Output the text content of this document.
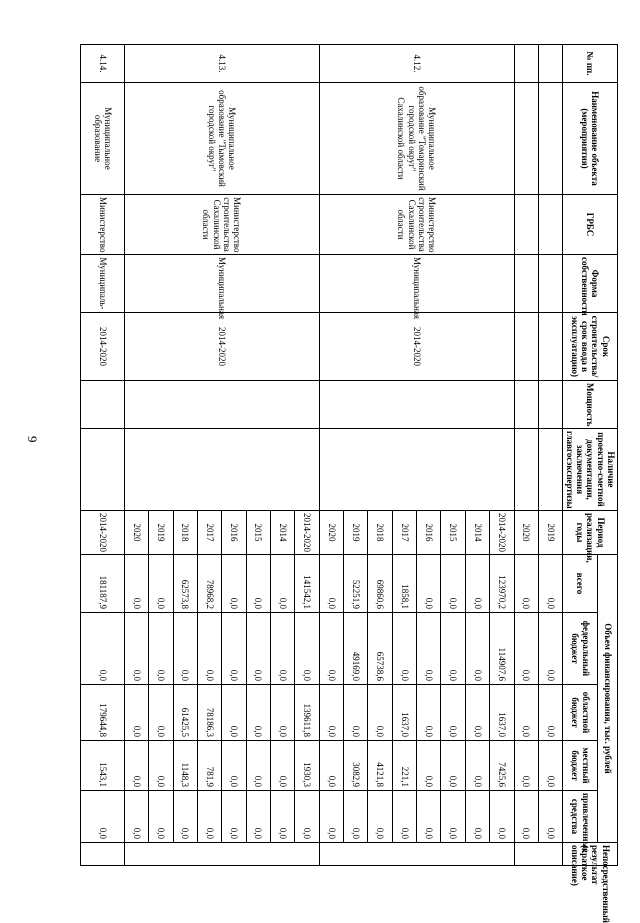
9
№ пп.	Наименование объекта (мероприятия)	ГРБС	Форма собственности	Срок строительства/срок ввода в эксплуатацию)	Мощность	Наличие проектно-сметной документации, заключения главгосэкспертизы	Период реализации, годы	Объем финансирования, тыс. рублей					Непосредственный результат (краткое описание)
								всего	федеральный бюджет	областной бюджет	местный бюджет	привлеченные средства	
							2019	0,0	0,0	0,0	0,0	0,0	
							2020	0,0	0,0	0,0	0,0	0,0	
4.12.	Муниципальное образование "Томаринский городской округ" Сахалинской области	Министерство строительства Сахалинской области	Муниципальная	2014-2020			2014-2020	123970,2	114907,6	1637,0	7425,6	0,0	
							2014	0,0	0,0	0,0	0,0	0,0	
							2015	0,0	0,0	0,0	0,0	0,0	
							2016	0,0	0,0	0,0	0,0	0,0	
							2017	1858,1	0,0	1637,0	221,1	0,0	
							2018	69860,6	65738,6	0,0	4121,8	0,0	
							2019	52251,9	49169,0	0,0	3082,9	0,0	
							2020	0,0	0,0	0,0	0,0	0,0	
4.13.	Муниципальное образование "Тымовский городской округ"	Министерство строительства Сахалинской области	Муниципальная	2014-2020			2014-2020	141542,1	0,0	139611,8	1930,3	0,0	
							2014	0,0	0,0	0,0	0,0	0,0	
							2015	0,0	0,0	0,0	0,0	0,0	
							2016	0,0	0,0	0,0	0,0	0,0	
							2017	78968,2	0,0	78186,3	781,9	0,0	
							2018	62573,8	0,0	61425,5	1148,3	0,0	
							2019	0,0	0,0	0,0	0,0	0,0	
							2020	0,0	0,0	0,0	0,0	0,0	
4.14.	Муниципальное образование	Министерство	Муниципаль-	2014-2020			2014-2020	181187,9	0,0	179644,8	1543,1	0,0	
